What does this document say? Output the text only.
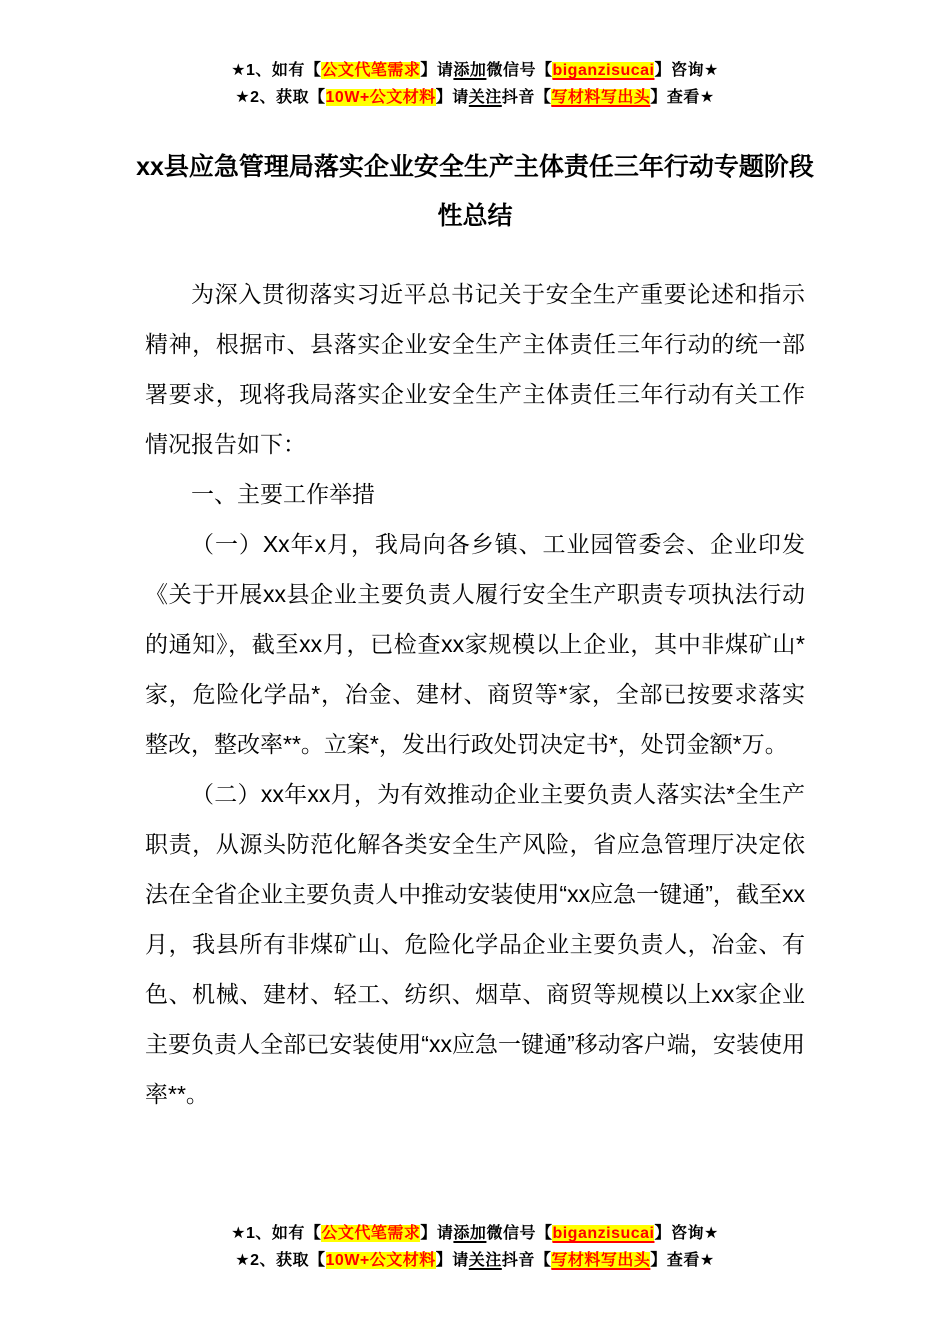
★1、如有【公文代笔需求】请添加微信号【biganzisucai】咨询★
★2、获取【10W+公文材料】请关注抖音【写材料写出头】查看★
xx县应急管理局落实企业安全生产主体责任三年行动专题阶段性总结

为深入贯彻落实习近平总书记关于安全生产重要论述和指示精神，根据市、县落实企业安全生产主体责任三年行动的统一部署要求，现将我局落实企业安全生产主体责任三年行动有关工作情况报告如下：

一、主要工作举措

（一）Xx年x月，我局向各乡镇、工业园管委会、企业印发《关于开展xx县企业主要负责人履行安全生产职责专项执法行动的通知》，截至xx月，已检查xx家规模以上企业，其中非煤矿山*家，危险化学品*，冶金、建材、商贸等*家，全部已按要求落实整改，整改率**。立案*，发出行政处罚决定书*，处罚金额*万。

（二）xx年xx月，为有效推动企业主要负责人落实法*全生产职责，从源头防范化解各类安全生产风险，省应急管理厅决定依法在全省企业主要负责人中推动安装使用“xx应急一键通”，截至xx月，我县所有非煤矿山、危险化学品企业主要负责人，冶金、有色、机械、建材、轻工、纺织、烟草、商贸等规模以上xx家企业主要负责人全部已安装使用“xx应急一键通”移动客户端，安装使用率**。

★1、如有【公文代笔需求】请添加微信号【biganzisucai】咨询★
★2、获取【10W+公文材料】请关注抖音【写材料写出头】查看★
